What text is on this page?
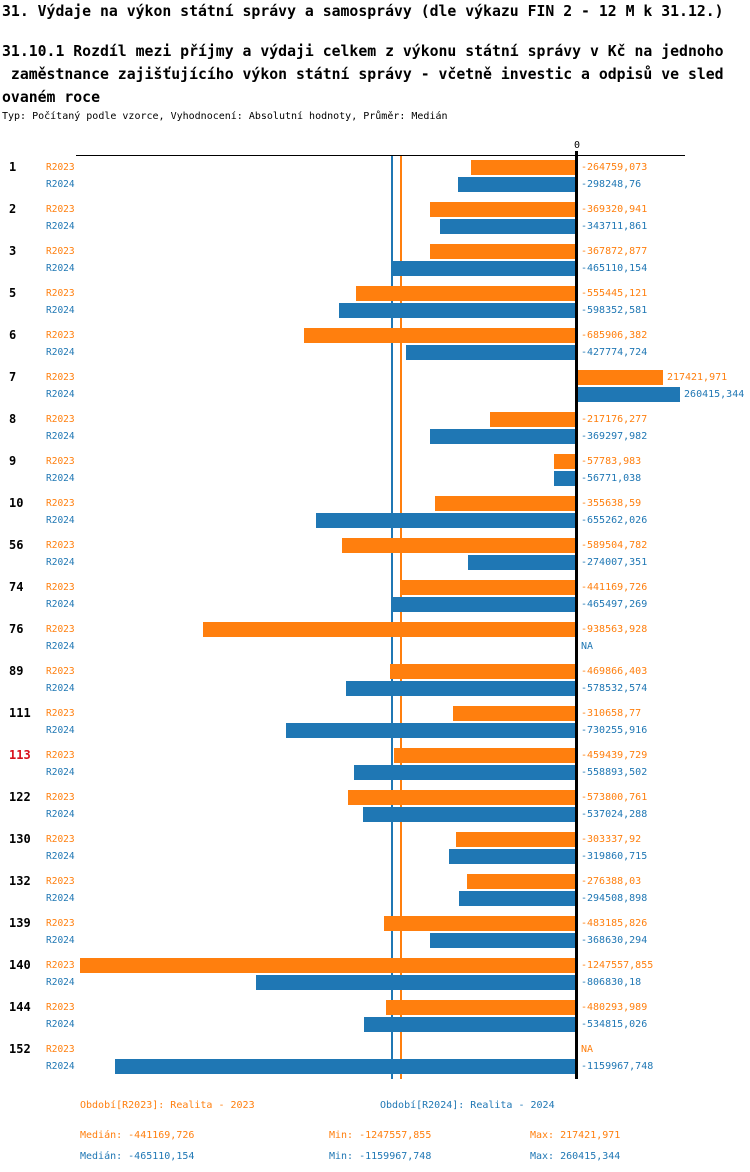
31. Výdaje na výkon státní správy a samosprávy (dle výkazu FIN 2 - 12 M k 31.12.)
31.10.1 Rozdíl mezi příjmy a výdaji celkem z výkonu státní správy v Kč na jednoho
zaměstnance zajišťujícího výkon státní správy - včetně investic a odpisů ve sled
ovaném roce
Typ: Počítaný podle vzorce, Vyhodnocení: Absolutní hodnoty, Průměr: Medián
0
1	R2023	-264759,073
R2024	-298248,76
2	R2023	-369320,941
R2024	-343711,861
3	R2023	-367872,877
R2024	-465110,154
5	R2023	-555445,121
R2024	-598352,581
6	R2023	-685906,382
R2024	-427774,724
7	R2023	217421,971
R2024	260415,344
8	R2023	-217176,277
R2024	-369297,982
9	R2023	-57783,983
R2024	-56771,038
10 R2023	-355638,59
R2024	-655262,026
56 R2023	-589504,782
R2024	-274007,351
74 R2023	-441169,726
R2024	-465497,269
76 R2023	-938563,928
R2024	NA
89 R2023	-469866,403
R2024	-578532,574
111 R2023	-310658,77
R2024	-730255,916
113 R2023	-459439,729
R2024	-558893,502
122 R2023	-573800,761
R2024	-537024,288
130 R2023	-303337,92
R2024	-319860,715
132 R2023	-276388,03
R2024	-294508,898
139 R2023	-483185,826
R2024	-368630,294
140 R2023	-1247557,855
R2024	-806830,18
144 R2023	-480293,989
R2024	-534815,026
152 R2023	NA
R2024	-1159967,748
Období[R2023]: Realita - 2023	Období[R2024]: Realita - 2024
Medián: -441169,726	Min: -1247557,855	Max: 217421,971
Medián: -465110,154	Min: -1159967,748	Max: 260415,344
